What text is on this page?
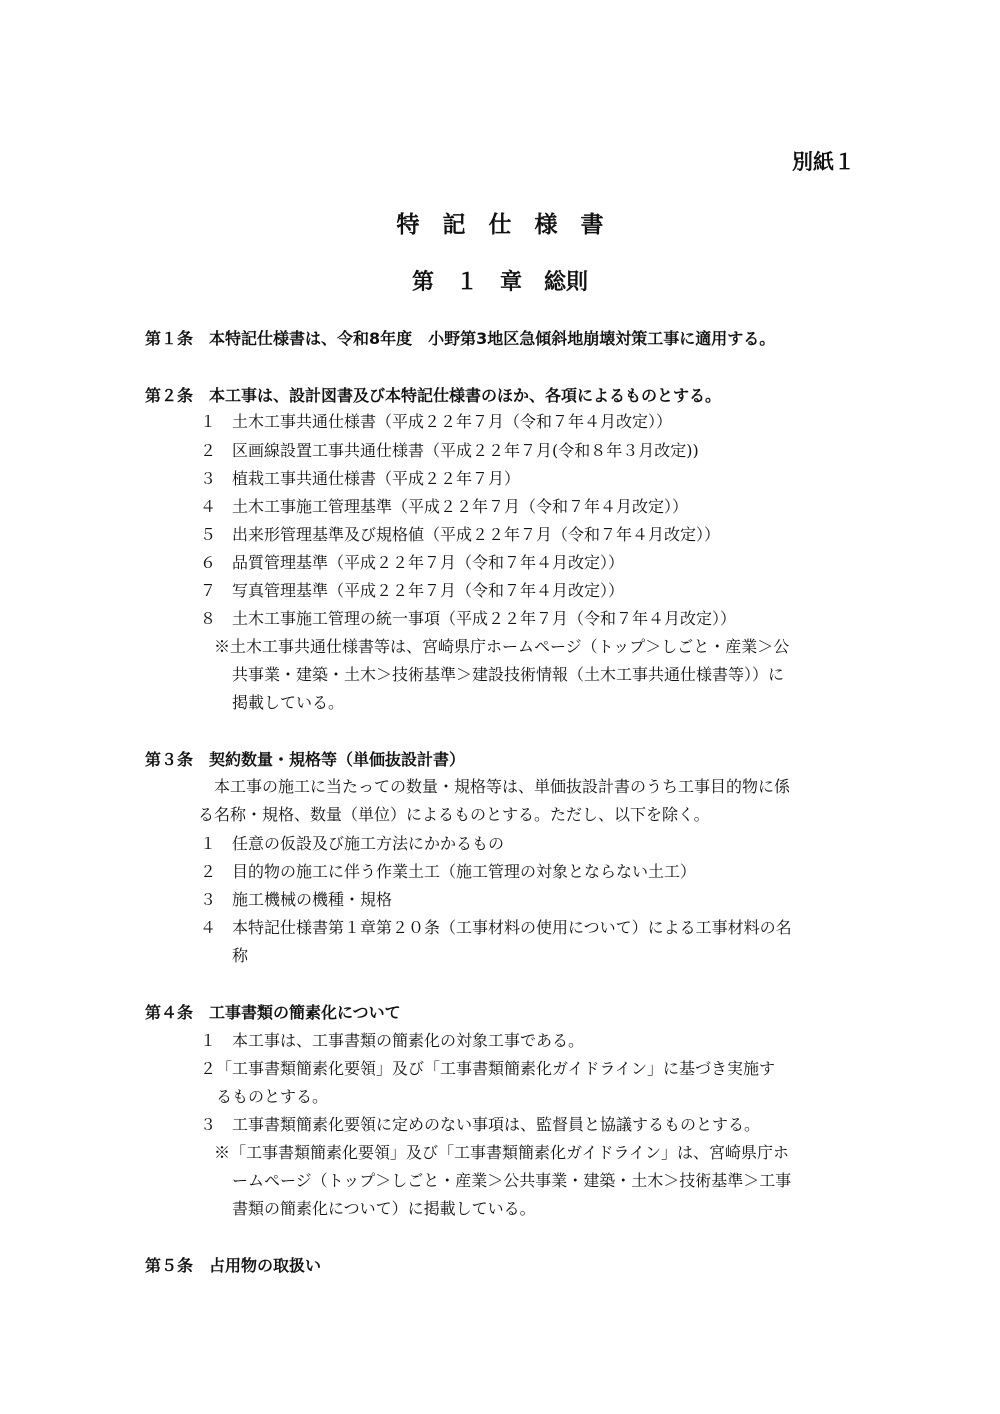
別紙１
特　記　仕　様　書
第　１　章　総則
第１条　本特記仕様書は、令和8年度　小野第3地区急傾斜地崩壊対策工事に適用する。
第２条　本工事は、設計図書及び本特記仕様書のほか、各項によるものとする。
１ 土木工事共通仕様書（平成２２年７月（令和７年４月改定））
２ 区画線設置工事共通仕様書（平成２２年７月(令和８年３月改定))
３ 植栽工事共通仕様書（平成２２年７月）
４ 土木工事施工管理基準（平成２２年７月（令和７年４月改定））
５ 出来形管理基準及び規格値（平成２２年７月（令和７年４月改定））
６ 品質管理基準（平成２２年７月（令和７年４月改定））
７ 写真管理基準（平成２２年７月（令和７年４月改定））
８ 土木工事施工管理の統一事項（平成２２年７月（令和７年４月改定））
※土木工事共通仕様書等は、宮崎県庁ホームページ（トップ＞しごと・産業＞公
共事業・建築・土木＞技術基準＞建設技術情報（土木工事共通仕様書等））に
掲載している。
第３条　契約数量・規格等（単価抜設計書）
本工事の施工に当たっての数量・規格等は、単価抜設計書のうち工事目的物に係
る名称・規格、数量（単位）によるものとする。ただし、以下を除く。
１ 任意の仮設及び施工方法にかかるもの
２ 目的物の施工に伴う作業土工（施工管理の対象とならない土工）
３ 施工機械の機種・規格
４ 本特記仕様書第１章第２０条（工事材料の使用について）による工事材料の名
称
第４条　工事書類の簡素化について
１ 本工事は、工事書類の簡素化の対象工事である。
２ 「工事書類簡素化要領」及び「工事書類簡素化ガイドライン」に基づき実施す
るものとする。
３ 工事書類簡素化要領に定めのない事項は、監督員と協議するものとする。
※「工事書類簡素化要領」及び「工事書類簡素化ガイドライン」は、宮崎県庁ホ
ームページ（トップ＞しごと・産業＞公共事業・建築・土木＞技術基準＞工事
書類の簡素化について）に掲載している。
第５条　占用物の取扱い
